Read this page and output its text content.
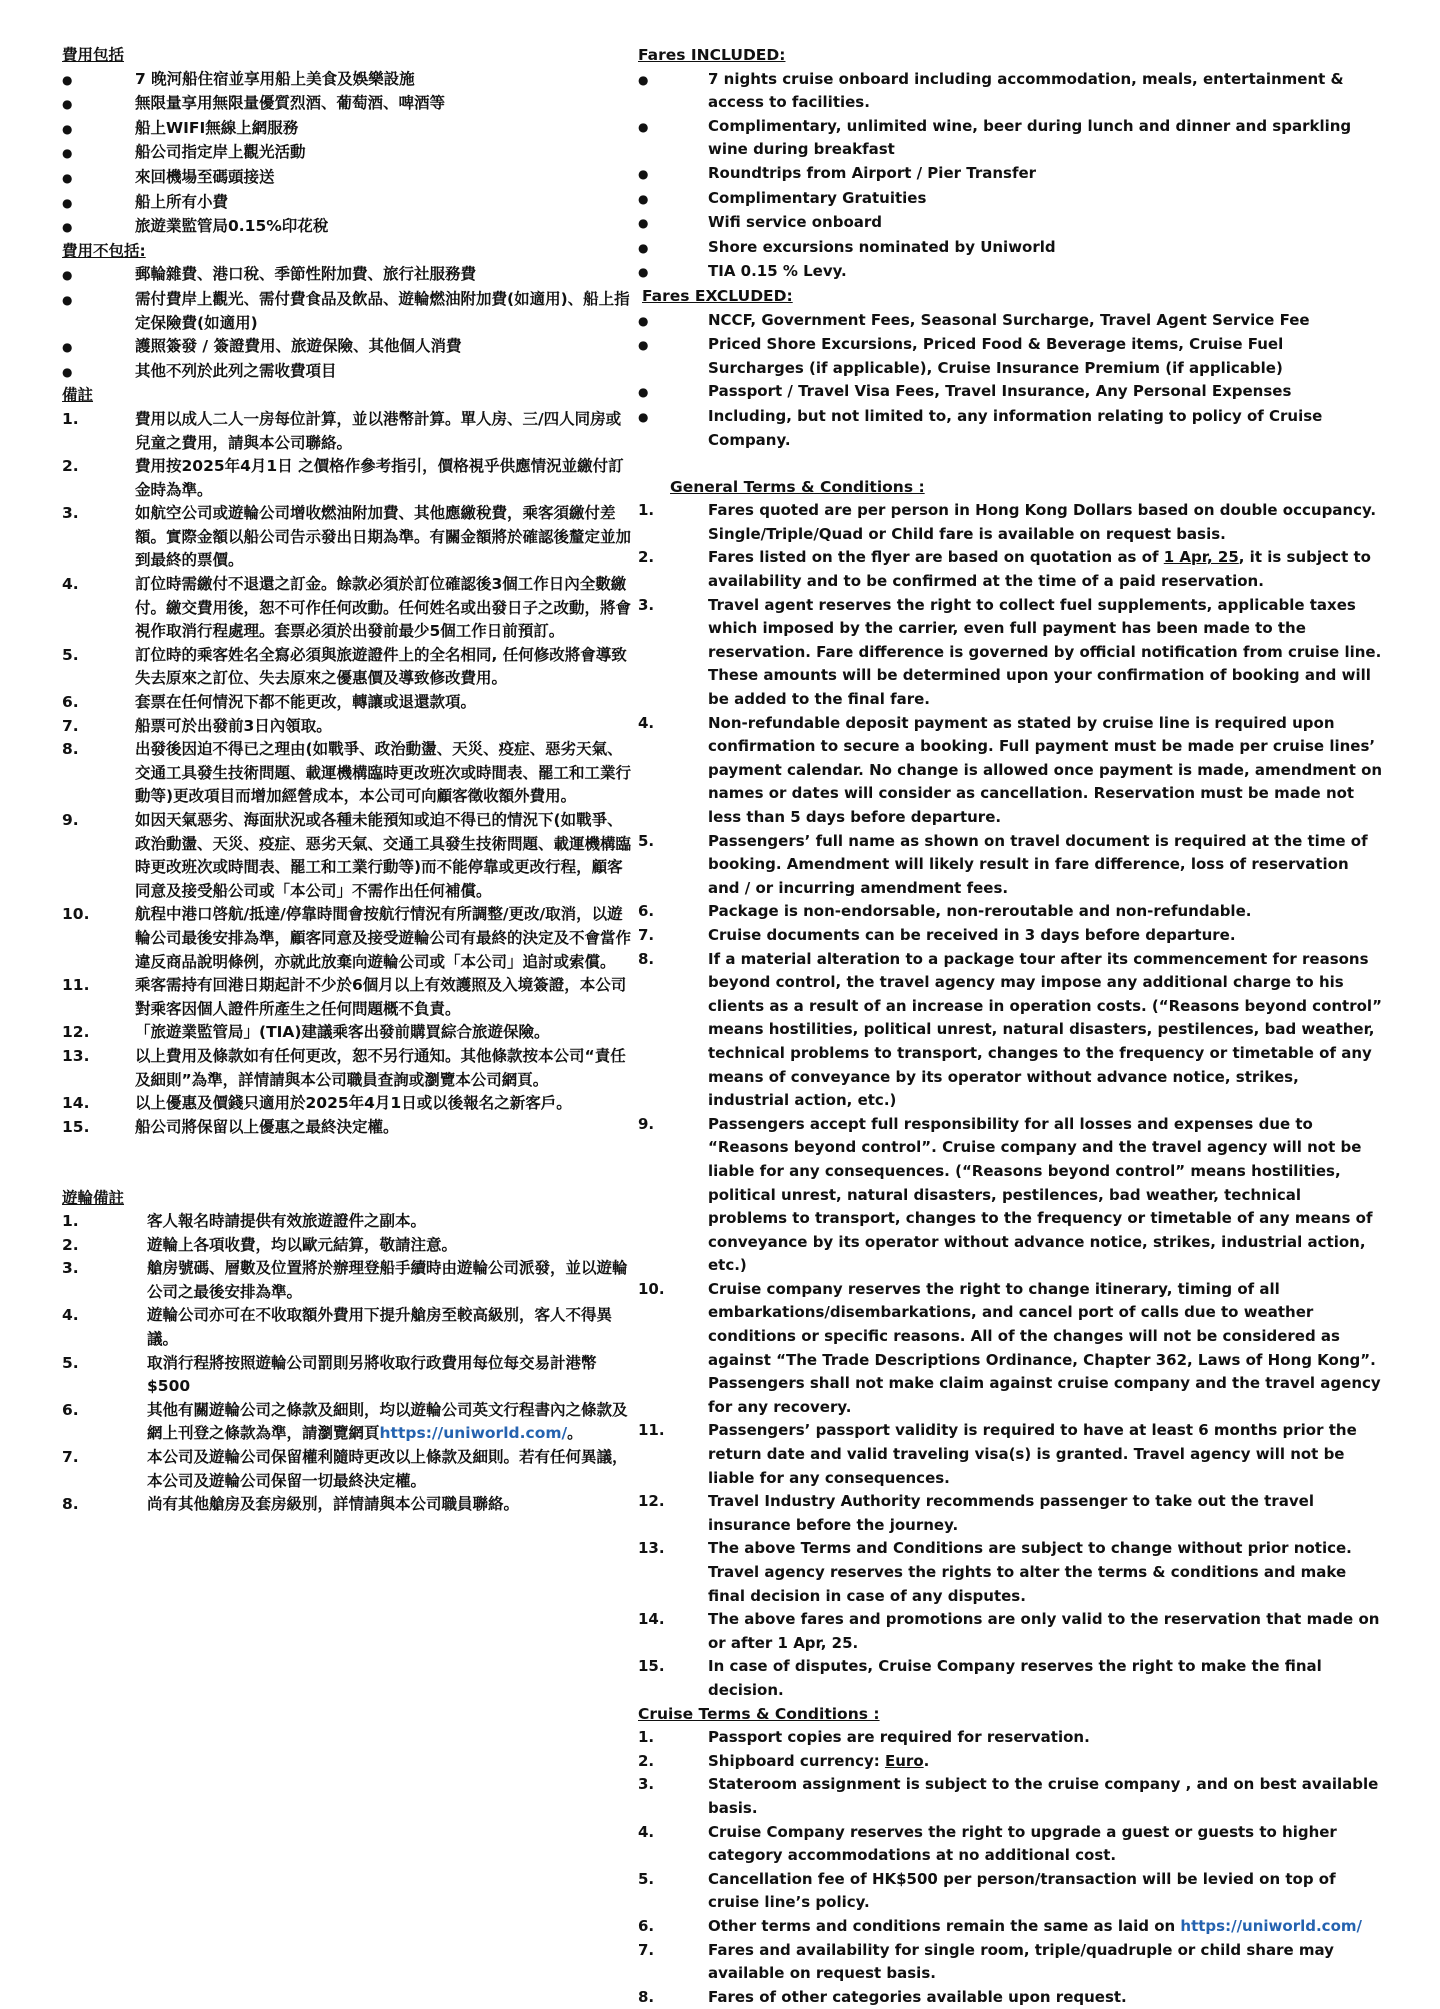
費用包括
●	7 晚河船住宿並享用船上美食及娛樂設施
●	無限量享用無限量優質烈酒、葡萄酒、啤酒等
●	船上WIFI無線上網服務
●	船公司指定岸上觀光活動
●	來回機場至碼頭接送
●	船上所有小費
●	旅遊業監管局0.15%印花稅
費用不包括:
●	郵輪雜費、港口稅、季節性附加費、旅行社服務費
●	需付費岸上觀光、需付費食品及飲品、遊輪燃油附加費(如適用)、船上指定保險費(如適用)
●	護照簽發 / 簽證費用、旅遊保險、其他個人消費
●	其他不列於此列之需收費項目
備註
1.	費用以成人二人一房每位計算，並以港幣計算。單人房、三/四人同房或兒童之費用，請與本公司聯絡。
2.	費用按2025年4月1日 之價格作參考指引，價格視乎供應情況並繳付訂金時為準。
3.	如航空公司或遊輪公司增收燃油附加費、其他應繳稅費，乘客須繳付差額。實際金額以船公司告示發出日期為準。有關金額將於確認後釐定並加到最終的票價。
4.	訂位時需繳付不退還之訂金。餘款必須於訂位確認後3個工作日內全數繳付。繳交費用後，恕不可作任何改動。任何姓名或出發日子之改動，將會視作取消行程處理。套票必須於出發前最少5個工作日前預訂。
5.	訂位時的乘客姓名全寫必須與旅遊證件上的全名相同, 任何修改將會導致失去原來之訂位、失去原來之優惠價及導致修改費用。
6.	套票在任何情況下都不能更改，轉讓或退還款項。
7.	船票可於出發前3日內領取。
8.	出發後因迫不得已之理由(如戰爭、政治動盪、天災、疫症、惡劣天氣、交通工具發生技術問題、載運機構臨時更改班次或時間表、罷工和工業行動等)更改項目而增加經營成本，本公司可向顧客徵收額外費用。
9.	如因天氣惡劣、海面狀況或各種未能預知或迫不得已的情況下(如戰爭、政治動盪、天災、疫症、惡劣天氣、交通工具發生技術問題、載運機構臨時更改班次或時間表、罷工和工業行動等)而不能停靠或更改行程，顧客同意及接受船公司或「本公司」不需作出任何補償。
10.	航程中港口啓航/抵達/停靠時間會按航行情況有所調整/更改/取消，以遊輪公司最後安排為準，顧客同意及接受遊輪公司有最終的決定及不會當作違反商品說明條例，亦就此放棄向遊輪公司或「本公司」追討或索償。
11.	乘客需持有回港日期起計不少於6個月以上有效護照及入境簽證，本公司對乘客因個人證件所產生之任何問題概不負責。
12.	「旅遊業監管局」(TIA)建議乘客出發前購買綜合旅遊保險。
13.	以上費用及條款如有任何更改，恕不另行通知。其他條款按本公司“責任及細則”為準，詳情請與本公司職員查詢或瀏覽本公司網頁。
14.	以上優惠及價錢只適用於2025年4月1日或以後報名之新客戶。
15.	船公司將保留以上優惠之最終決定權。
遊輪備註
1.	客人報名時請提供有效旅遊證件之副本。
2.	遊輪上各項收費，均以歐元結算，敬請注意。
3.	艙房號碼、層數及位置將於辦理登船手續時由遊輪公司派發，並以遊輪公司之最後安排為準。
4.	遊輪公司亦可在不收取額外費用下提升艙房至較高級別，客人不得異議。
5.	取消行程將按照遊輪公司罰則另將收取行政費用每位每交易計港幣$500
6.	其他有關遊輪公司之條款及細則，均以遊輪公司英文行程書內之條款及網上刊登之條款為準，請瀏覽網頁https://uniworld.com/。
7.	本公司及遊輪公司保留權利隨時更改以上條款及細則。若有任何異議，本公司及遊輪公司保留一切最終決定權。
8.	尚有其他艙房及套房級別，詳情請與本公司職員聯絡。
Fares INCLUDED:
●	7 nights cruise onboard including accommodation, meals, entertainment & access to facilities.
●	Complimentary, unlimited wine, beer during lunch and dinner and sparkling wine during breakfast
●	Roundtrips from Airport / Pier Transfer
●	Complimentary Gratuities
●	Wifi service onboard
●	Shore excursions nominated by Uniworld
●	TIA 0.15 % Levy.
Fares EXCLUDED:
●	NCCF, Government Fees, Seasonal Surcharge, Travel Agent Service Fee
●	Priced Shore Excursions, Priced Food & Beverage items, Cruise Fuel Surcharges (if applicable), Cruise Insurance Premium (if applicable)
●	Passport / Travel Visa Fees, Travel Insurance, Any Personal Expenses
●	Including, but not limited to, any information relating to policy of Cruise Company.
General Terms & Conditions :
1.	Fares quoted are per person in Hong Kong Dollars based on double occupancy. Single/Triple/Quad or Child fare is available on request basis.
2.	Fares listed on the flyer are based on quotation as of 1 Apr, 25, it is subject to availability and to be confirmed at the time of a paid reservation.
3.	Travel agent reserves the right to collect fuel supplements, applicable taxes which imposed by the carrier, even full payment has been made to the reservation. Fare difference is governed by official notification from cruise line. These amounts will be determined upon your confirmation of booking and will be added to the final fare.
4.	Non-refundable deposit payment as stated by cruise line is required upon confirmation to secure a booking. Full payment must be made per cruise lines’ payment calendar. No change is allowed once payment is made, amendment on names or dates will consider as cancellation. Reservation must be made not less than 5 days before departure.
5.	Passengers’ full name as shown on travel document is required at the time of booking. Amendment will likely result in fare difference, loss of reservation and / or incurring amendment fees.
6.	Package is non-endorsable, non-reroutable and non-refundable.
7.	Cruise documents can be received in 3 days before departure.
8.	If a material alteration to a package tour after its commencement for reasons beyond control, the travel agency may impose any additional charge to his clients as a result of an increase in operation costs. (“Reasons beyond control” means hostilities, political unrest, natural disasters, pestilences, bad weather, technical problems to transport, changes to the frequency or timetable of any means of conveyance by its operator without advance notice, strikes, industrial action, etc.)
9.	Passengers accept full responsibility for all losses and expenses due to “Reasons beyond control”. Cruise company and the travel agency will not be liable for any consequences. (“Reasons beyond control” means hostilities, political unrest, natural disasters, pestilences, bad weather, technical problems to transport, changes to the frequency or timetable of any means of conveyance by its operator without advance notice, strikes, industrial action, etc.)
10.	Cruise company reserves the right to change itinerary, timing of all embarkations/disembarkations, and cancel port of calls due to weather conditions or specific reasons. All of the changes will not be considered as against “The Trade Descriptions Ordinance, Chapter 362, Laws of Hong Kong”. Passengers shall not make claim against cruise company and the travel agency for any recovery.
11.	Passengers’ passport validity is required to have at least 6 months prior the return date and valid traveling visa(s) is granted. Travel agency will not be liable for any consequences.
12.	Travel Industry Authority recommends passenger to take out the travel insurance before the journey.
13.	The above Terms and Conditions are subject to change without prior notice. Travel agency reserves the rights to alter the terms & conditions and make final decision in case of any disputes.
14.	The above fares and promotions are only valid to the reservation that made on or after 1 Apr, 25.
15.	In case of disputes, Cruise Company reserves the right to make the final decision.
Cruise Terms & Conditions :
1.	Passport copies are required for reservation.
2.	Shipboard currency: Euro.
3.	Stateroom assignment is subject to the cruise company , and on best available basis.
4.	Cruise Company reserves the right to upgrade a guest or guests to higher category accommodations at no additional cost.
5.	Cancellation fee of HK$500 per person/transaction will be levied on top of cruise line’s policy.
6.	Other terms and conditions remain the same as laid on https://uniworld.com/
7.	Fares and availability for single room, triple/quadruple or child share may available on request basis.
8.	Fares of other categories available upon request.
